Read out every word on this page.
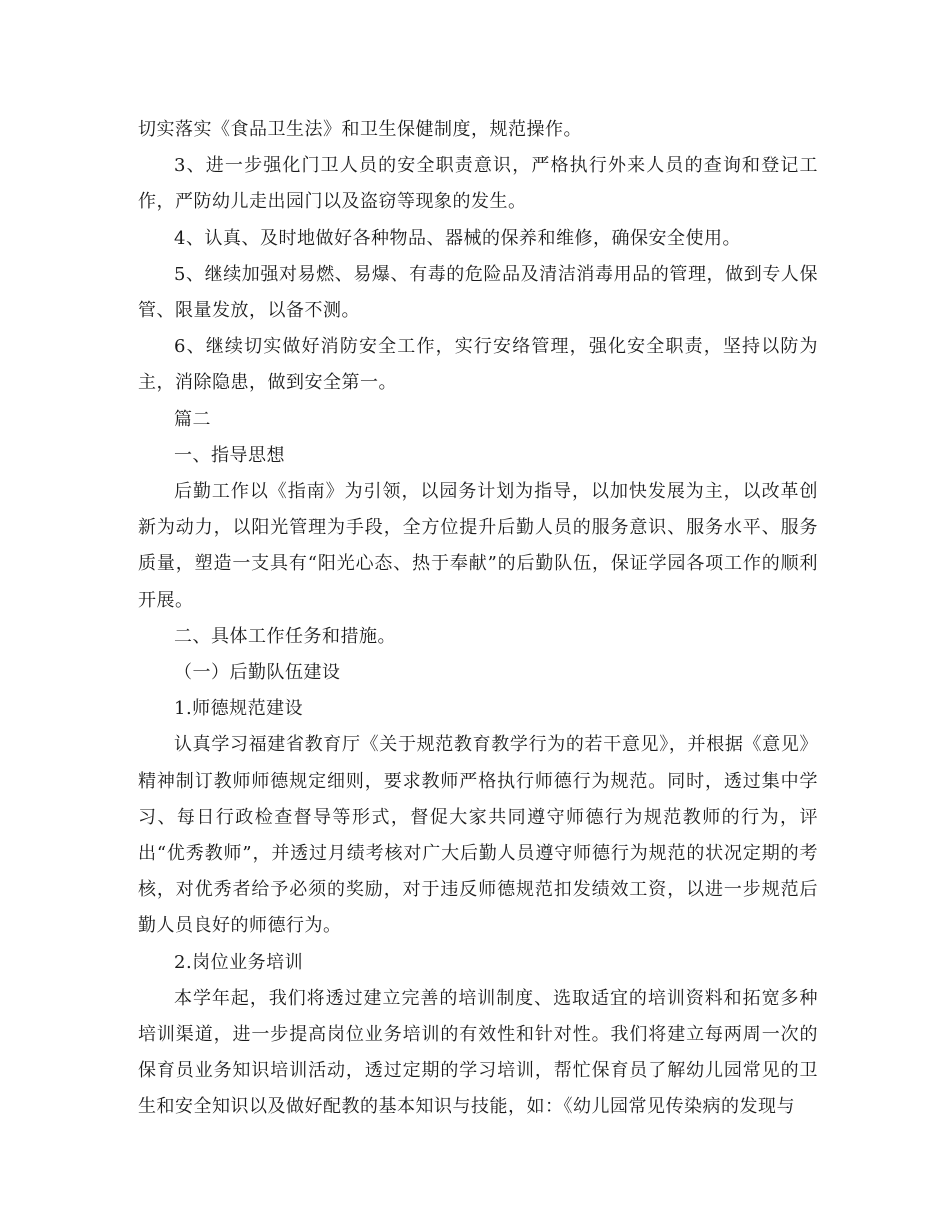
切实落实《食品卫生法》和卫生保健制度，规范操作。

3、进一步强化门卫人员的安全职责意识，严格执行外来人员的查询和登记工作，严防幼儿走出园门以及盗窃等现象的发生。

4、认真、及时地做好各种物品、器械的保养和维修，确保安全使用。

5、继续加强对易燃、易爆、有毒的危险品及清洁消毒用品的管理，做到专人保管、限量发放，以备不测。

6、继续切实做好消防安全工作，实行安络管理，强化安全职责，坚持以防为主，消除隐患，做到安全第一。

篇二

一、指导思想

后勤工作以《指南》为引领，以园务计划为指导，以加快发展为主，以改革创新为动力，以阳光管理为手段，全方位提升后勤人员的服务意识、服务水平、服务质量，塑造一支具有“阳光心态、热于奉献”的后勤队伍，保证学园各项工作的顺利开展。

二、具体工作任务和措施。

（一）后勤队伍建设

1.师德规范建设

认真学习福建省教育厅《关于规范教育教学行为的若干意见》，并根据《意见》精神制订教师师德规定细则，要求教师严格执行师德行为规范。同时，透过集中学习、每日行政检查督导等形式，督促大家共同遵守师德行为规范教师的行为，评出“优秀教师”，并透过月绩考核对广大后勤人员遵守师德行为规范的状况定期的考核，对优秀者给予必须的奖励，对于违反师德规范扣发绩效工资，以进一步规范后勤人员良好的师德行为。

2.岗位业务培训

本学年起，我们将透过建立完善的培训制度、选取适宜的培训资料和拓宽多种培训渠道，进一步提高岗位业务培训的有效性和针对性。我们将建立每两周一次的保育员业务知识培训活动，透过定期的学习培训，帮忙保育员了解幼儿园常见的卫生和安全知识以及做好配教的基本知识与技能，如：《幼儿园常见传染病的发现与
